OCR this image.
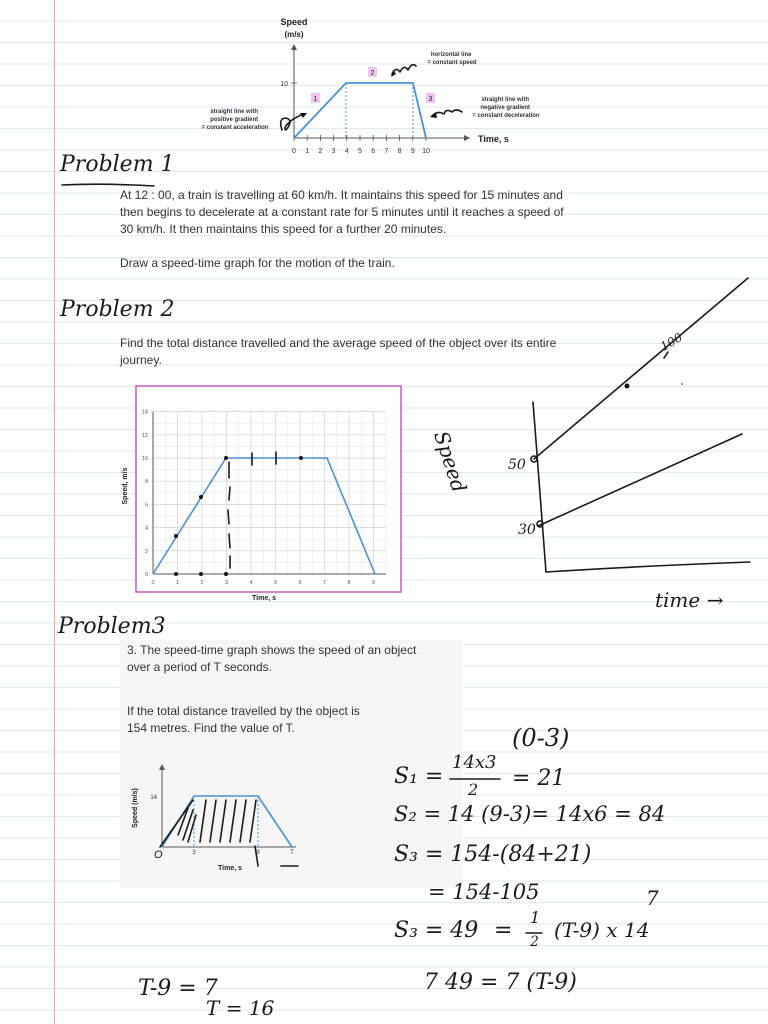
Speed
(m/s)
10
0 1 2 3 4 5 6 7 8 9 10
Time, s
1
2
3
horizontal line = constant speed
straight line with positive gradient = constant acceleration
straight line with negative gradient = constant deceleration
Problem 1
At 12 : 00, a train is travelling at 60 km/h. It maintains this speed for 15 minutes and
then begins to decelerate at a constant rate for 5 minutes until it reaches a speed of
30 km/h. It then maintains this speed for a further 20 minutes.
Draw a speed-time graph for the motion of the train.
Problem 2
Find the total distance travelled and the average speed of the object over its entire
journey.
0
2
4
6
8
10
12
14
0	1	2	3	4	5	6	7	8	9
Speed, m/s
Time, s
Speed	50
30
100
time →
Problem3
3. The speed-time graph shows the speed of an object
over a period of T seconds.
If the total distance travelled by the object is
154 metres. Find the value of T.
14
3	9	T
Speed (m/s)
Time, s
O
(0-3)
S₁ =
14x3
2 = 21
S₂ = 14 (9-3)= 14x6 = 84
S₃ = 154-(84+21)
= 154-105	7
S₃ = 49 =
1
2 (T-9) x 14
7 49 = 7 (T-9)
T-9 = 7
T = 16
